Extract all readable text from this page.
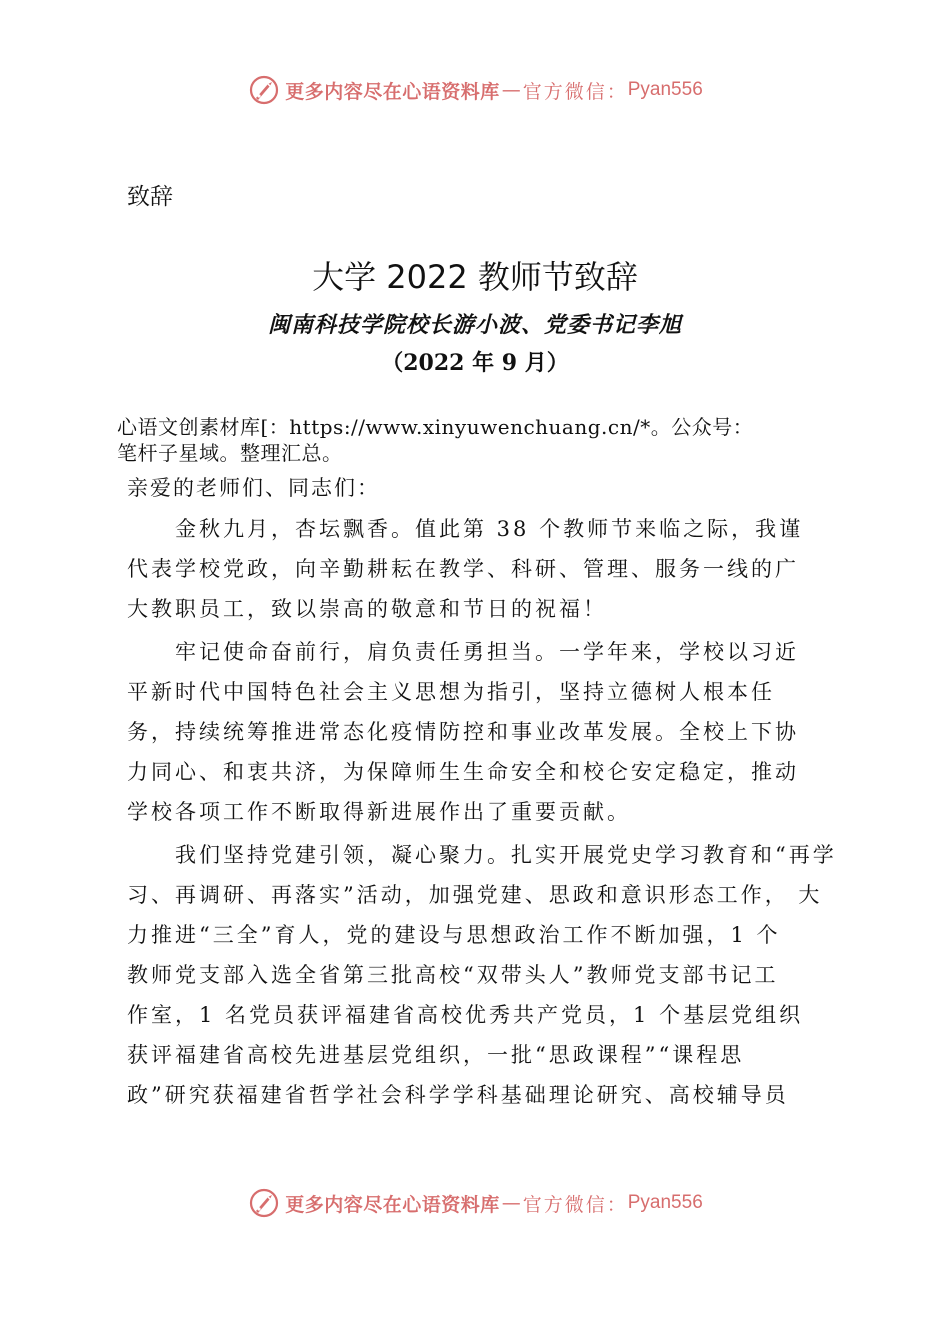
更多内容尽在心语资料库 — 官方微信： Pyan556
致辞
大学 2022 教师节致辞
闽南科技学院校长游小波、党委书记李旭
（2022 年 9 月）
心语文创素材库[：https://www.xinyuwenchuang.cn/*。公众号：
笔杆子星域。整理汇总。
亲爱的老师们、同志们：
　　金秋九月，杏坛飘香。值此第 38 个教师节来临之际，我谨
代表学校党政，向辛勤耕耘在教学、科研、管理、服务一线的广
大教职员工，致以崇高的敬意和节日的祝福！
　　牢记使命奋前行，肩负责任勇担当。一学年来，学校以习近
平新时代中国特色社会主义思想为指引，坚持立德树人根本任
务，持续统筹推进常态化疫情防控和事业改革发展。全校上下协
力同心、和衷共济，为保障师生生命安全和校仑安定稳定，推动
学校各项工作不断取得新进展作出了重要贡献。
　　我们坚持党建引领，凝心聚力。扎实开展党史学习教育和“再学
习、再调研、再落实”活动，加强党建、思政和意识形态工作， 大
力推进“三全”育人，党的建设与思想政治工作不断加强，1 个
教师党支部入选全省第三批高校“双带头人”教师党支部书记工
作室，1 名党员获评福建省高校优秀共产党员，1 个基层党组织
获评福建省高校先进基层党组织，一批“思政课程”“课程思
政”研究获福建省哲学社会科学学科基础理论研究、高校辅导员
更多内容尽在心语资料库 — 官方微信： Pyan556
